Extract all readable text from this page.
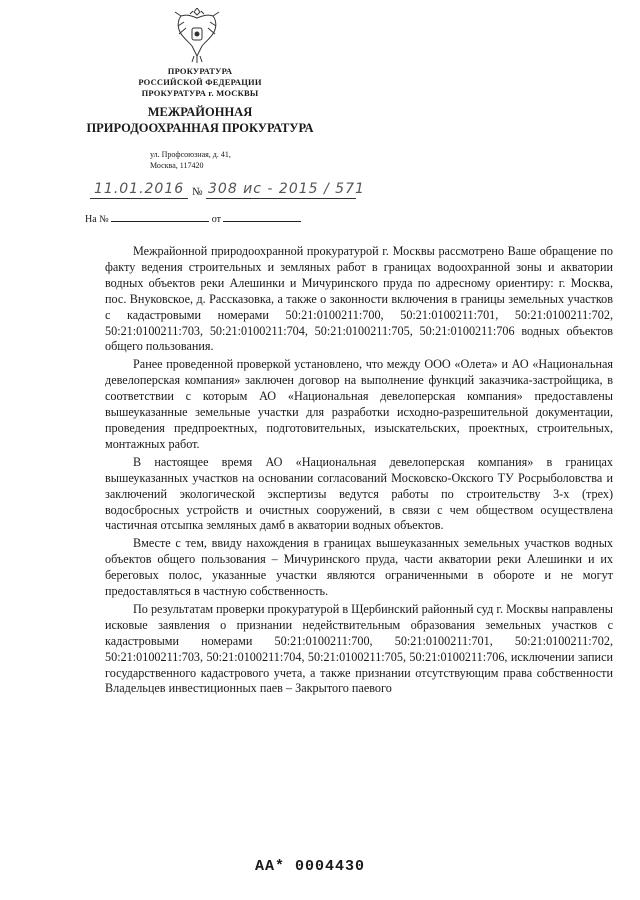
ПРОКУРАТУРА
РОССИЙСКОЙ ФЕДЕРАЦИИ
ПРОКУРАТУРА г. МОСКВЫ
МЕЖРАЙОННАЯ
ПРИРОДООХРАННАЯ ПРОКУРАТУРА
ул. Профсоюзная, д. 41,
Москва, 117420
11.01.2016 № 308 ис - 2015 / 571
На №	от

Межрайонной природоохранной прокуратурой г. Москвы рассмотрено Ваше обращение по факту ведения строительных и земляных работ в границах водоохранной зоны и акватории водных объектов реки Алешинки и Мичуринского пруда по адресному ориентиру: г. Москва, пос. Внуковское, д. Рассказовка, а также о законности включения в границы земельных участков с кадастровыми номерами 50:21:0100211:700, 50:21:0100211:701, 50:21:0100211:702, 50:21:0100211:703, 50:21:0100211:704, 50:21:0100211:705, 50:21:0100211:706 водных объектов общего пользования.

Ранее проведенной проверкой установлено, что между ООО «Олета» и АО «Национальная девелоперская компания» заключен договор на выполнение функций заказчика-застройщика, в соответствии с которым АО «Национальная девелоперская компания» предоставлены вышеуказанные земельные участки для разработки исходно-разрешительной документации, проведения предпроектных, подготовительных, изыскательских, проектных, строительных, монтажных работ.

В настоящее время АО «Национальная девелоперская компания» в границах вышеуказанных участков на основании согласований Московско-Окского ТУ Росрыболовства и заключений экологической экспертизы ведутся работы по строительству 3-х (трех) водосбросных устройств и очистных сооружений, в связи с чем обществом осуществлена частичная отсыпка земляных дамб в акватории водных объектов.

Вместе с тем, ввиду нахождения в границах вышеуказанных земельных участков водных объектов общего пользования – Мичуринского пруда, части акватории реки Алешинки и их береговых полос, указанные участки являются ограниченными в обороте и не могут предоставляться в частную собственность.

По результатам проверки прокуратурой в Щербинский районный суд г. Москвы направлены исковые заявления о признании недействительным образования земельных участков с кадастровыми номерами 50:21:0100211:700, 50:21:0100211:701, 50:21:0100211:702, 50:21:0100211:703, 50:21:0100211:704, 50:21:0100211:705, 50:21:0100211:706, исключении записи государственного кадастрового учета, а также признании отсутствующим права собственности Владельцев инвестиционных паев – Закрытого паевого

АА* 0004430
